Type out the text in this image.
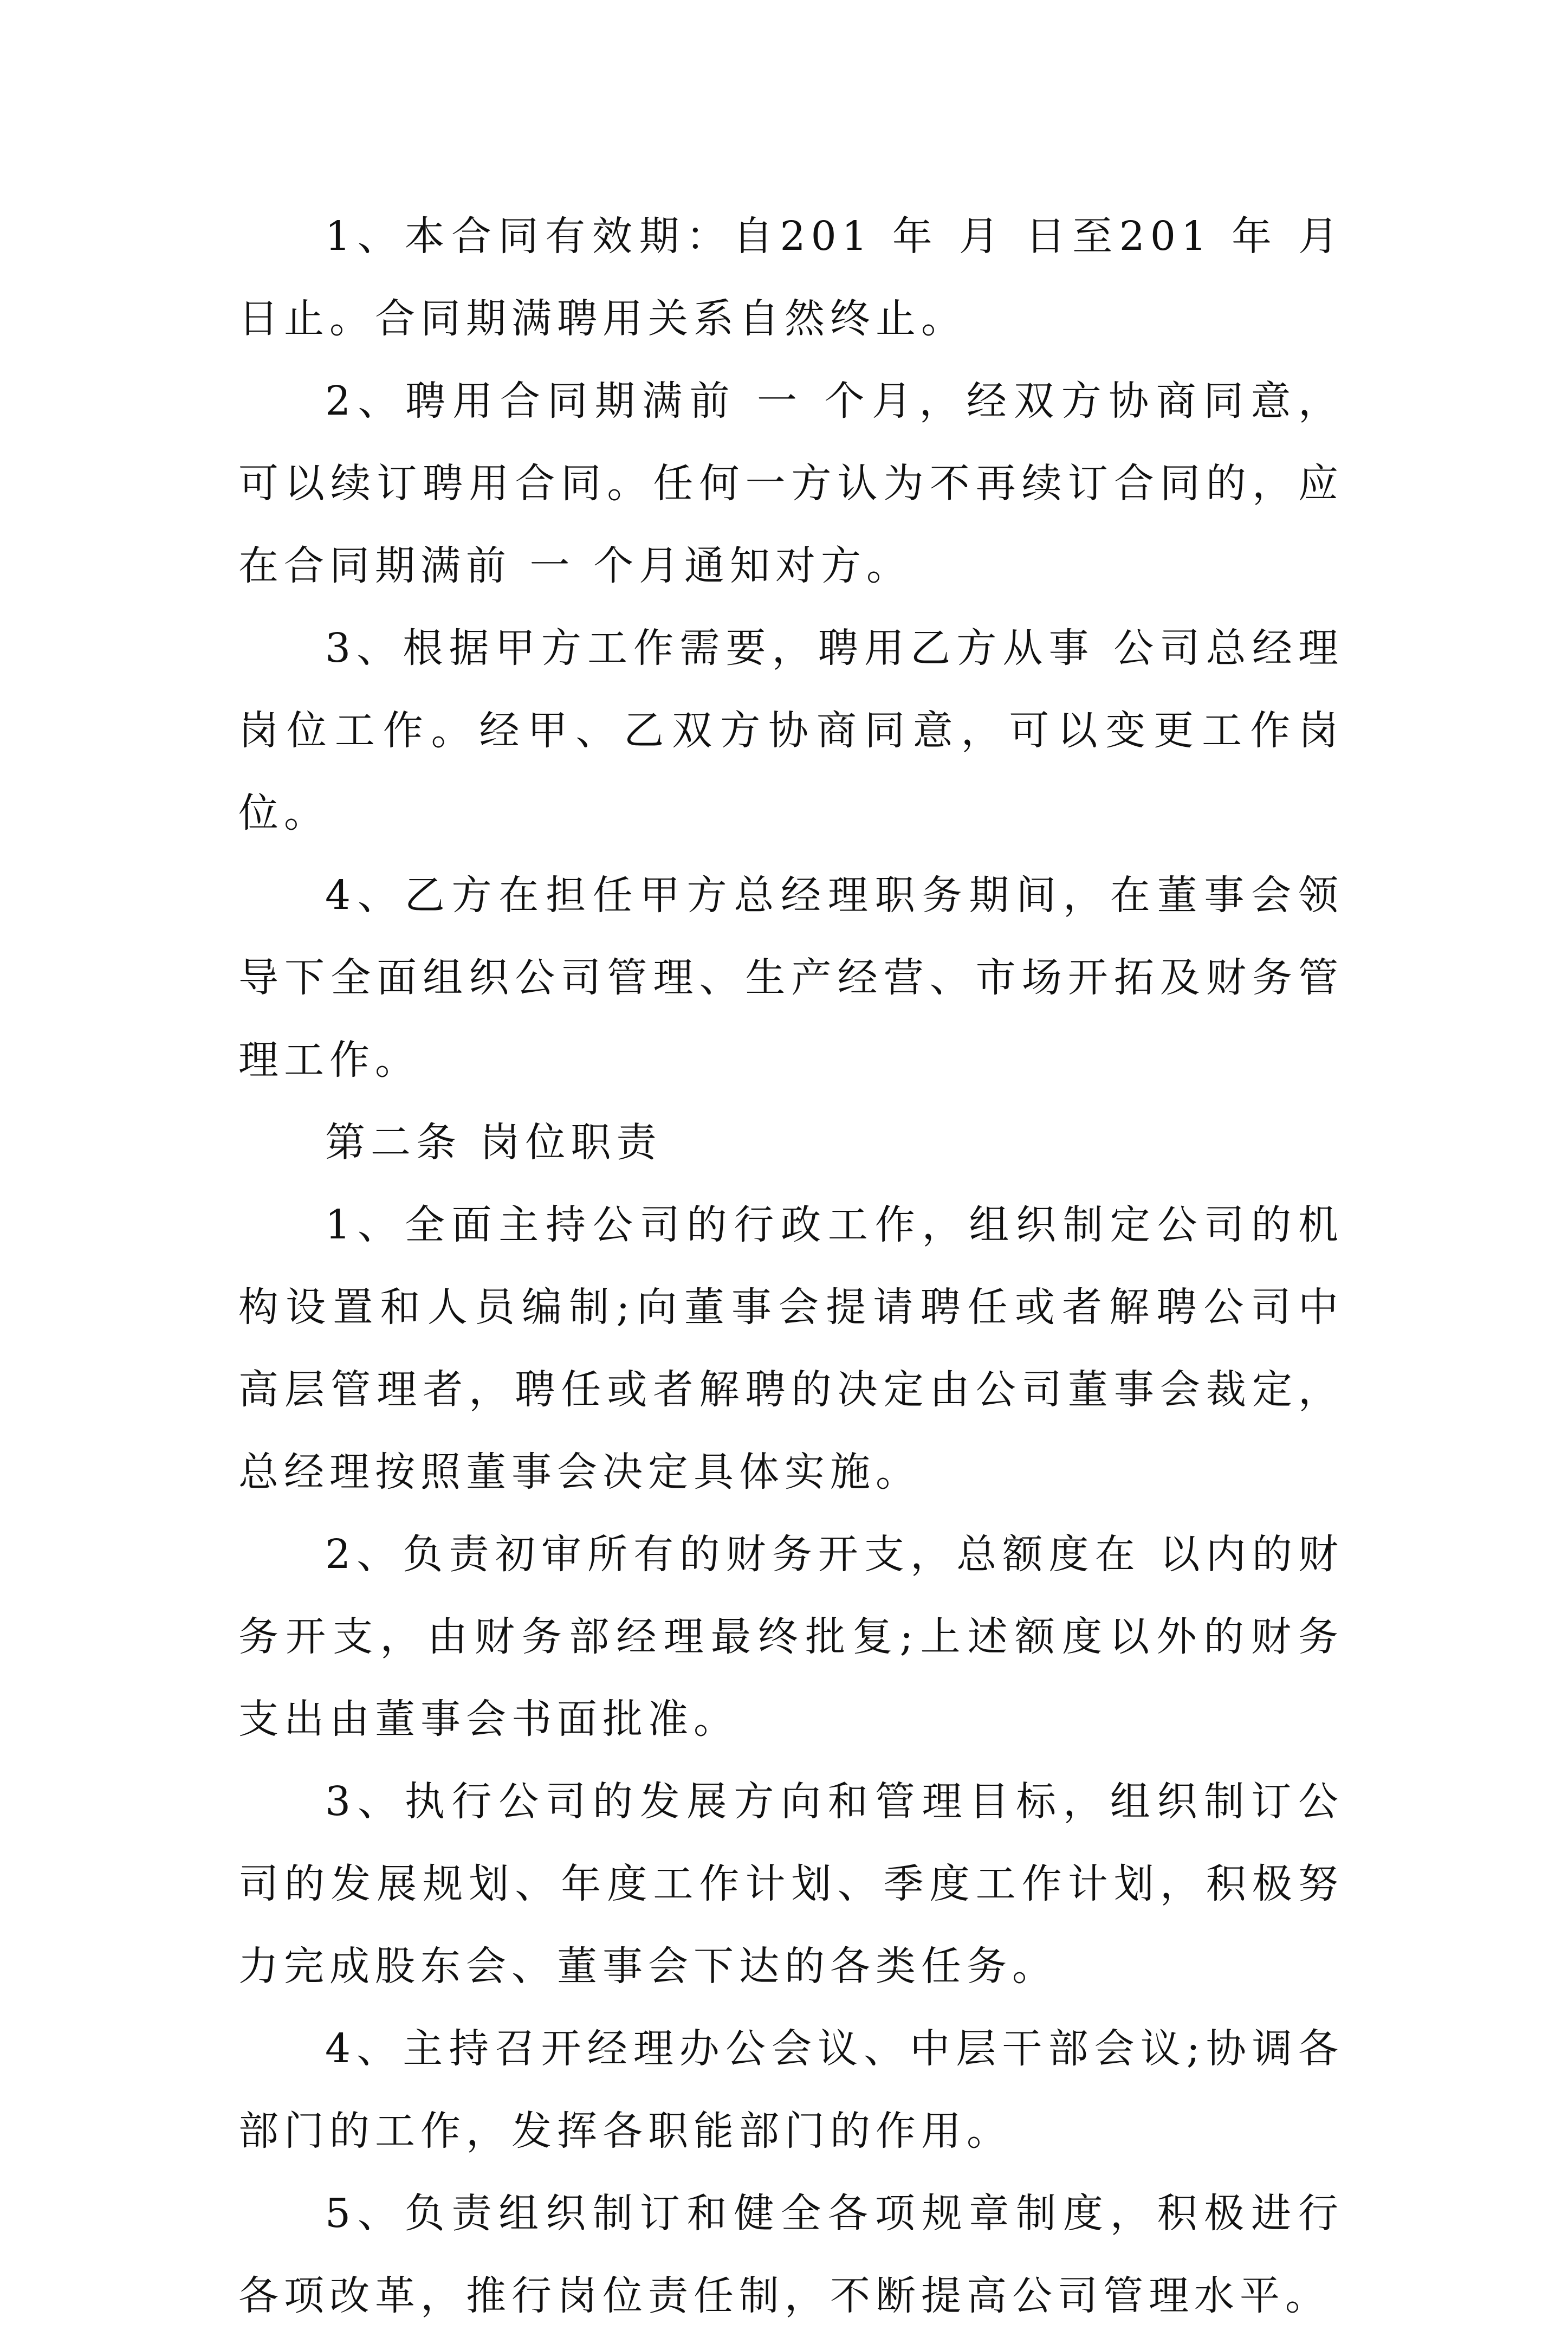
1、本合同有效期：自201 年 月 日至201 年 月 日止。合同期满聘用关系自然终止。

2、聘用合同期满前 一 个月，经双方协商同意，可以续订聘用合同。任何一方认为不再续订合同的，应在合同期满前 一 个月通知对方。

3、根据甲方工作需要，聘用乙方从事 公司总经理岗位工作。经甲、乙双方协商同意，可以变更工作岗位。

4、乙方在担任甲方总经理职务期间，在董事会领导下全面组织公司管理、生产经营、市场开拓及财务管理工作。

第二条 岗位职责

1、全面主持公司的行政工作，组织制定公司的机构设置和人员编制;向董事会提请聘任或者解聘公司中高层管理者，聘任或者解聘的决定由公司董事会裁定，总经理按照董事会决定具体实施。

2、负责初审所有的财务开支，总额度在 以内的财务开支，由财务部经理最终批复;上述额度以外的财务支出由董事会书面批准。

3、执行公司的发展方向和管理目标，组织制订公司的发展规划、年度工作计划、季度工作计划，积极努力完成股东会、董事会下达的各类任务。

4、主持召开经理办公会议、中层干部会议;协调各部门的工作，发挥各职能部门的作用。

5、负责组织制订和健全各项规章制度，积极进行各项改革，推行岗位责任制，不断提高公司管理水平。
